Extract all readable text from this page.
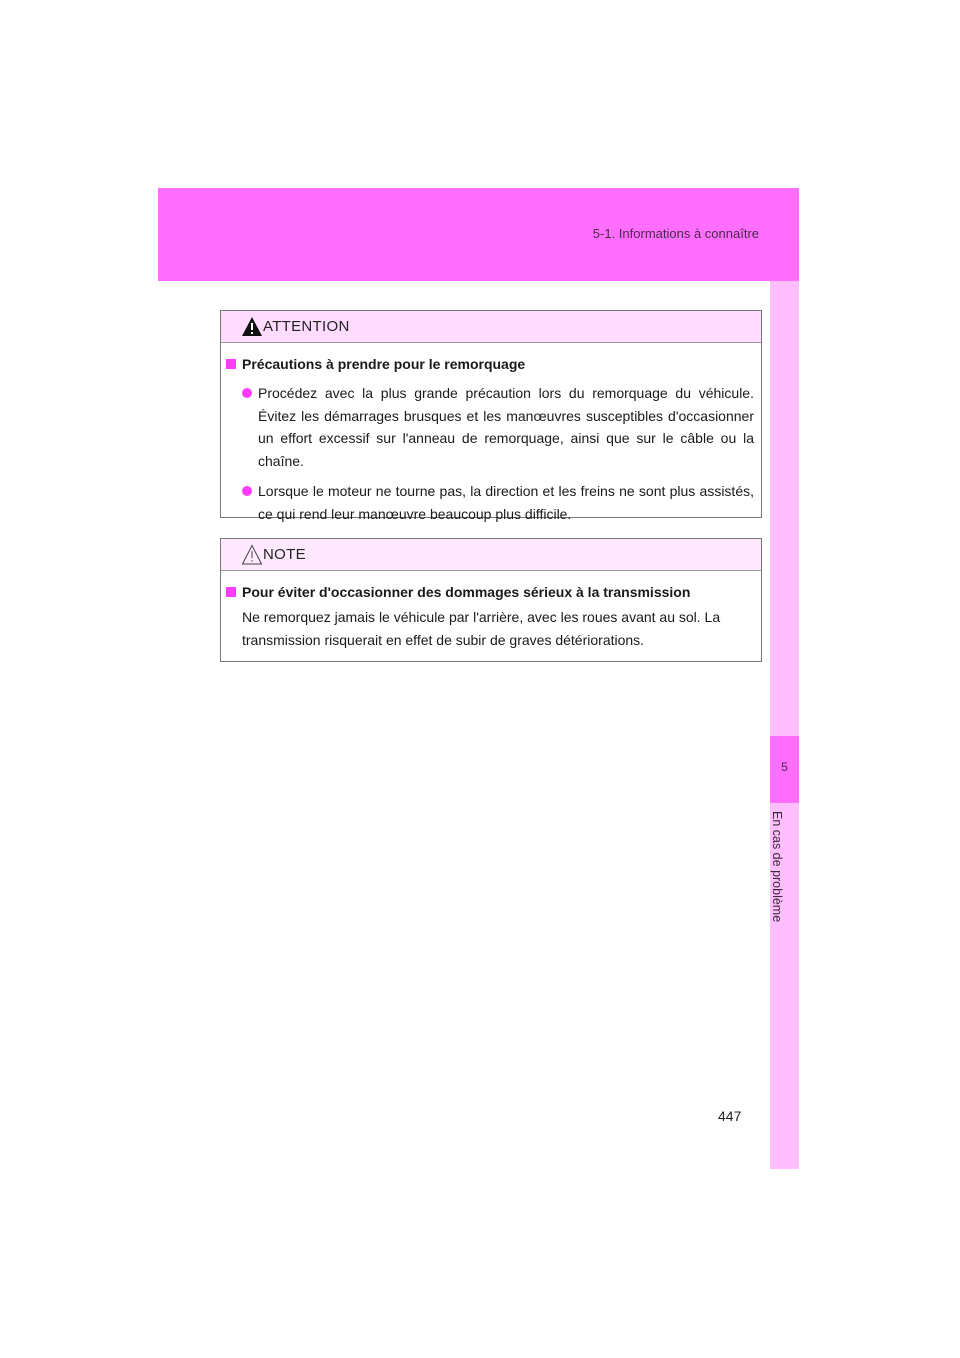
5-1. Informations à connaître
5
En cas de problème
ATTENTION
Précautions à prendre pour le remorquage
Procédez avec la plus grande précaution lors du remorquage du véhicule. Évitez les démarrages brusques et les manœuvres susceptibles d'occasionner un effort excessif sur l'anneau de remorquage, ainsi que sur le câble ou la chaîne.
Lorsque le moteur ne tourne pas, la direction et les freins ne sont plus assistés, ce qui rend leur manœuvre beaucoup plus difficile.
NOTE
Pour éviter d'occasionner des dommages sérieux à la transmission
Ne remorquez jamais le véhicule par l'arrière, avec les roues avant au sol. La transmission risquerait en effet de subir de graves détériorations.
447
